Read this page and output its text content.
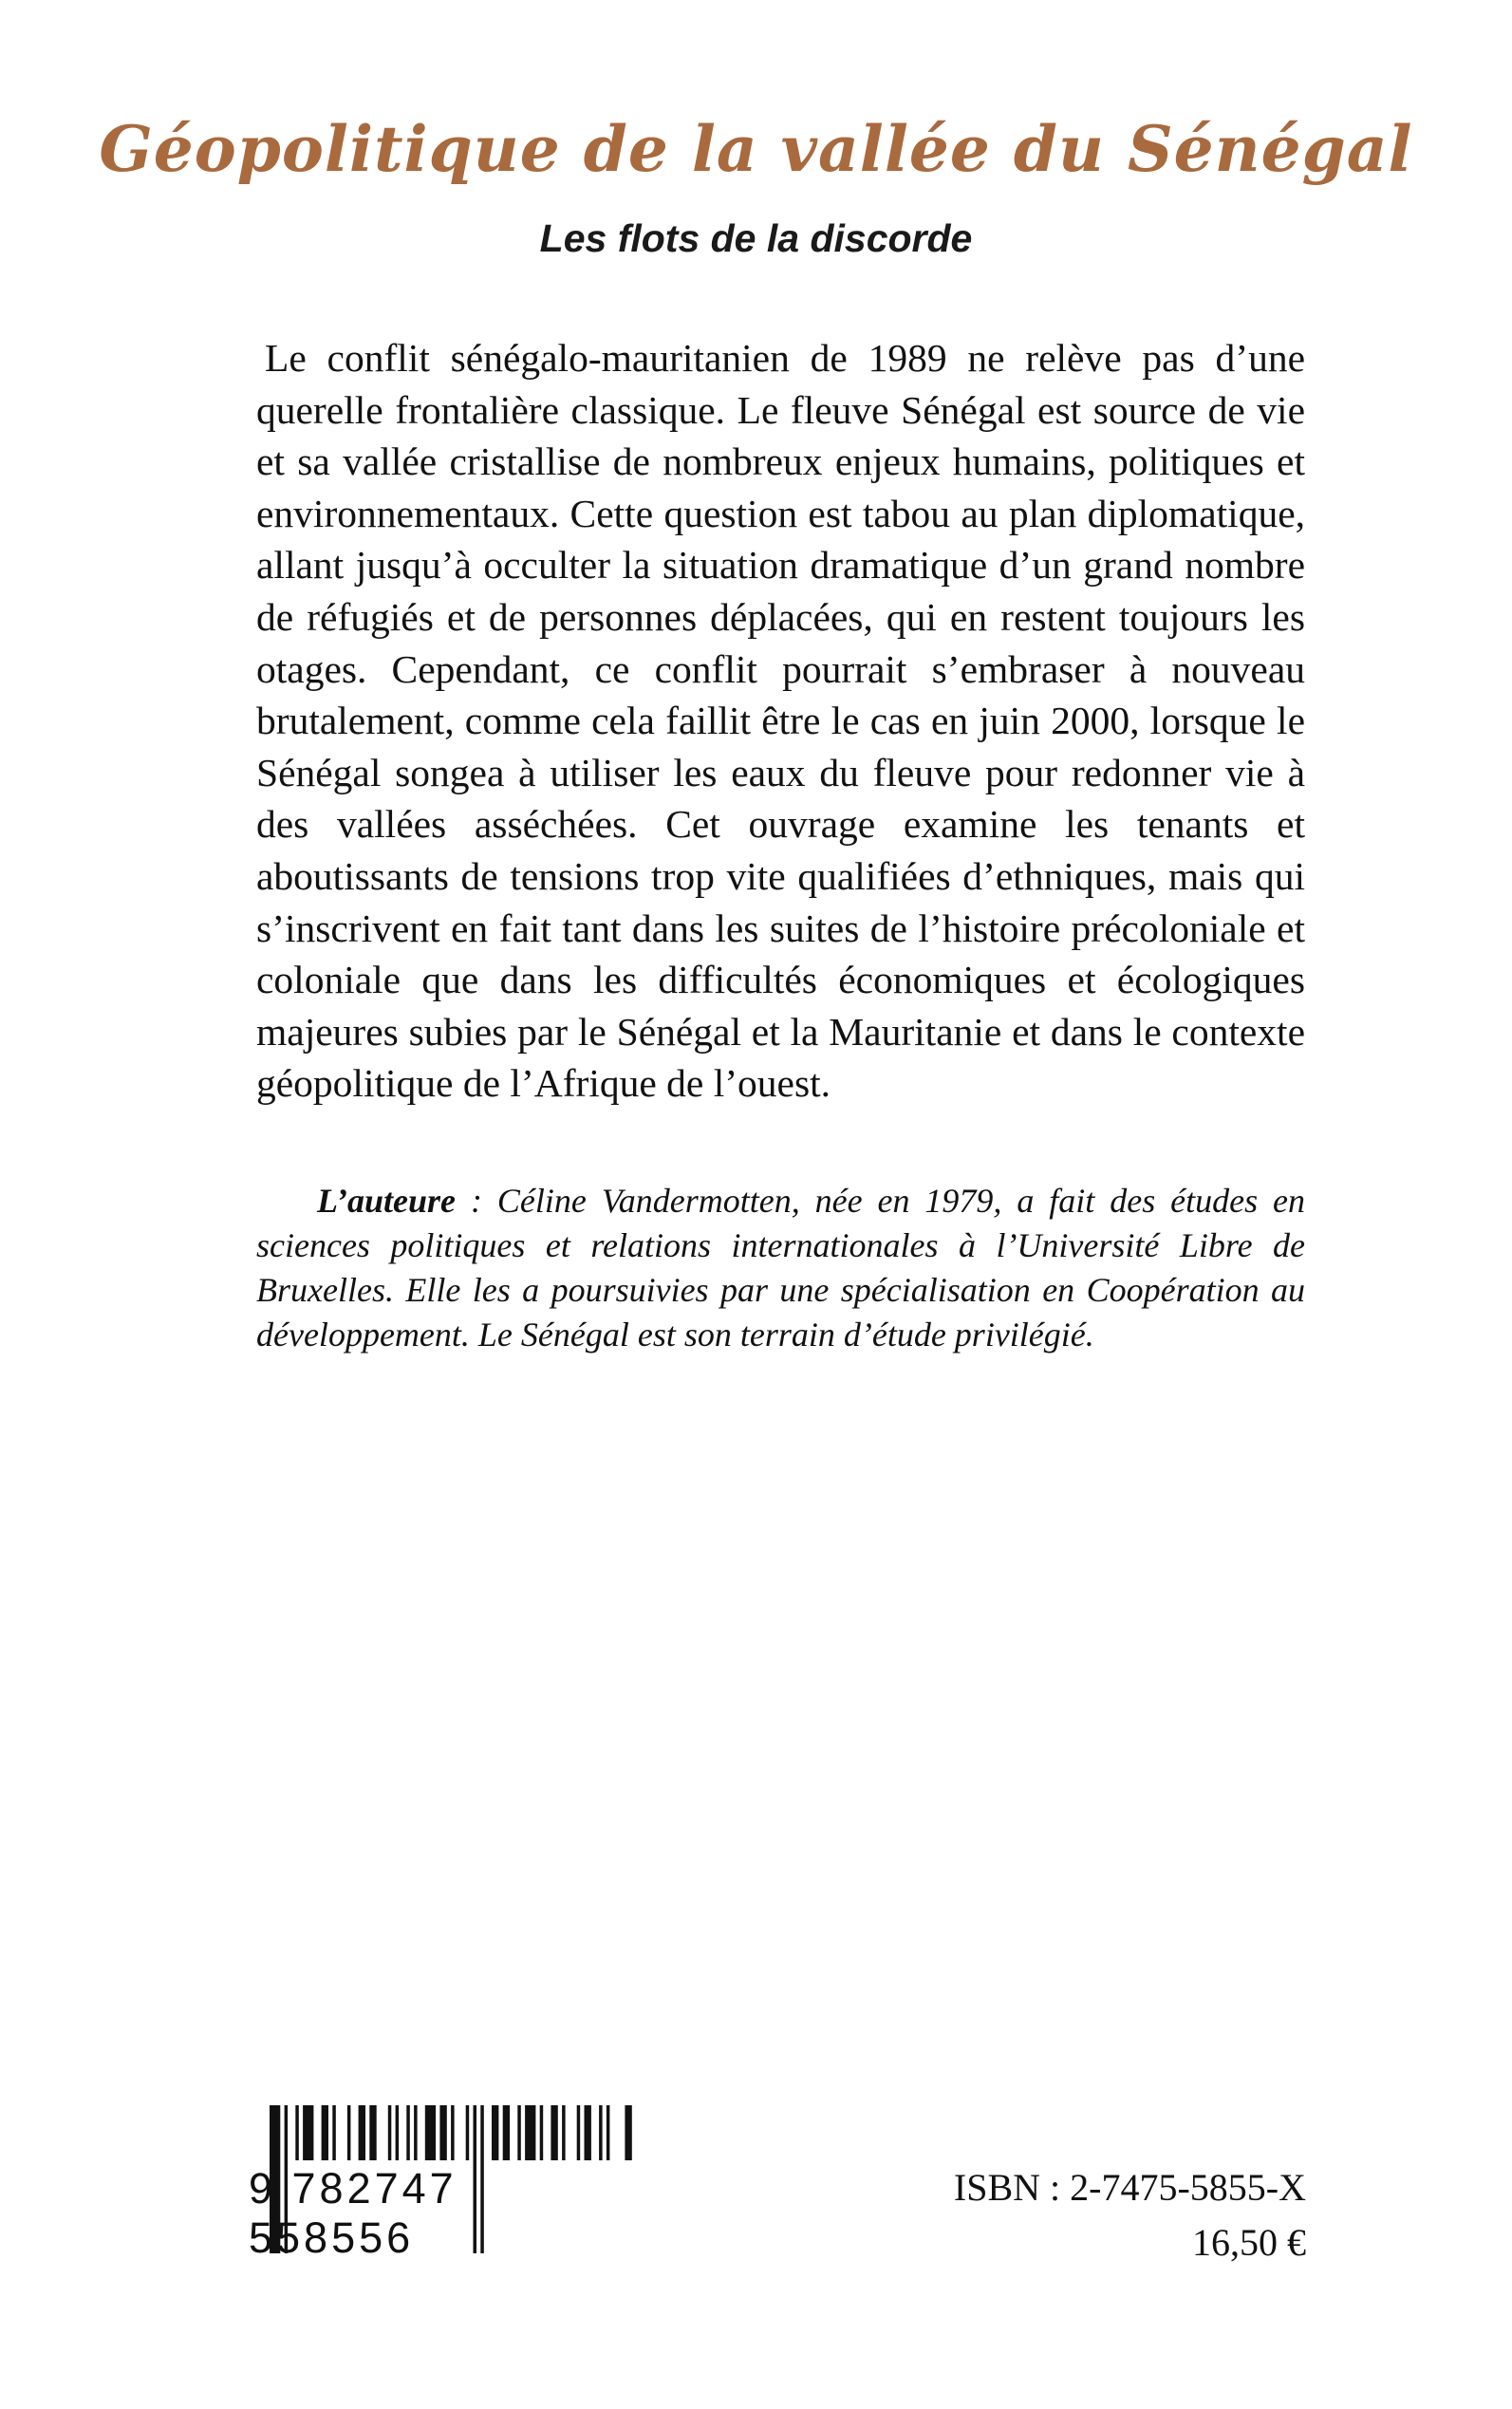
Géopolitique de la vallée du Sénégal
Les flots de la discorde

Le conflit sénégalo-mauritanien de 1989 ne relève pas d’une querelle frontalière classique. Le fleuve Sénégal est source de vie et sa vallée cristallise de nombreux enjeux humains, politiques et environnementaux. Cette question est tabou au plan diplomatique, allant jusqu’à occulter la situation dramatique d’un grand nombre de réfugiés et de personnes déplacées, qui en restent toujours les otages. Cependant, ce conflit pourrait s’embraser à nouveau brutalement, comme cela faillit être le cas en juin 2000, lorsque le Sénégal songea à utiliser les eaux du fleuve pour redonner vie à des vallées asséchées. Cet ouvrage examine les tenants et aboutissants de tensions trop vite qualifiées d’ethniques, mais qui s’inscrivent en fait tant dans les suites de l’histoire précoloniale et coloniale que dans les difficultés économiques et écologiques majeures subies par le Sénégal et la Mauritanie et dans le contexte géopolitique de l’Afrique de l’ouest.

L’auteure : Céline Vandermotten, née en 1979, a fait des études en sciences politiques et relations internationales à l’Université Libre de Bruxelles. Elle les a poursuivies par une spécialisation en Coopération au développement. Le Sénégal est son terrain d’étude privilégié.

9 782747 558556

ISBN : 2-7475-5855-X

16,50 €
